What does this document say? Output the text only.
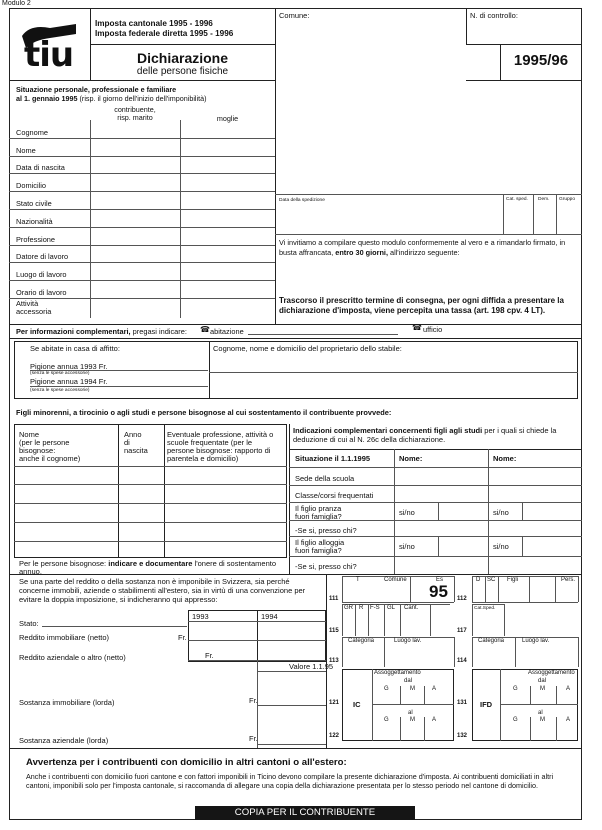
Modulo 2
tiu
Imposta cantonale 1995 - 1996
Imposta federale diretta 1995 - 1996
Dichiarazione
delle persone fisiche
Comune:	N. di controllo:
1995/96
Situazione personale, professionale e familiare
al 1. gennaio 1995 (risp. il giorno dell'inizio dell'imponibilità)
contribuente,
risp. marito	moglie
Cognome
Nome
Data di nascita
Domicilio
Stato civile
Nazionalità
Professione
Datore di lavoro
Luogo di lavoro
Orario di lavoro
Attività
accessoria
Data della spedizione	Cat. sped. Dem. Gruppo
Vi invitiamo a compilare questo modulo conformemente al vero e a rimandarlo firmato, in busta affrancata, entro 30 giorni, all'indirizzo seguente:
Trascorso il prescritto termine di consegna, per ogni diffida a presentare la dichiarazione d'imposta, viene percepita una tassa (art. 198 cpv. 4 LT).
Per informazioni complementari, pregasi indicare: ☎ abitazione	☎ ufficio
Se abitate in casa di affitto:
Pigione annua 1993 Fr.
(senza le spese accessorie)
Pigione annua 1994 Fr.
(senza le spese accessorie)
Cognome, nome e domicilio del proprietario dello stabile:
Figli minorenni, a tirocinio o agli studi e persone bisognose al cui sostentamento il contribuente provvede:
Nome
(per le persone
bisognose:
anche il cognome)
Anno
di
nascita
Eventuale professione, attività o
scuole frequentate (per le
persone bisognose: rapporto di
parentela e domicilio)
Per le persone bisognose: indicare e documentare l'onere di sostentamento annuo.
Indicazioni complementari concernenti figli agli studi per i quali si chiede la deduzione di cui al N. 26c della dichiarazione.
Situazione il 1.1.1995	Nome:	Nome:
Sede della scuola
Classe/corsi frequentati
Il figlio pranza
fuori famiglia?	si/no	si/no
-Se si, presso chi?
Il figlio alloggia
fuori famiglia?	si/no	si/no
-Se si, presso chi?
Se una parte del reddito o della sostanza non è imponibile in Svizzera, sia perché concerne immobili, aziende o stabilimenti all'estero, sia in virtù di una convenzione per evitare la doppia imposizione, si indicheranno qui appresso:
1993	1994
Stato:
Reddito immobiliare (netto)	Fr.
Reddito aziendale o altro (netto)	Fr.
Valore 1.1.95
Sostanza immobiliare (lorda)	Fr.
Sostanza aziendale (lorda)	Fr.
T	Comune	Es
95
111	112
D SC Figli	Pers.
GR R F-S GL Cant.
115
Cat.Sped.
117
Categoria	Luogo lav.
113
Categoria	Luogo lav.
114
IC
Assoggettamento
dal
G	M	A
al
G	M	A
121
122
IFD
Assoggettamento
dal
G	M	A
al
G	M	A
131
132
Avvertenza per i contribuenti con domicilio in altri cantoni o all'estero:
Anche i contribuenti con domicilio fuori cantone e con fattori imponibili in Ticino devono compilare la presente dichiarazione d'imposta. Ai contribuenti domiciliati in altri cantoni, imponibili solo per l'imposta cantonale, si raccomanda di allegare una copia della dichiarazione presentata per lo stesso periodo nel cantone di domicilio.
COPIA PER IL CONTRIBUENTE
